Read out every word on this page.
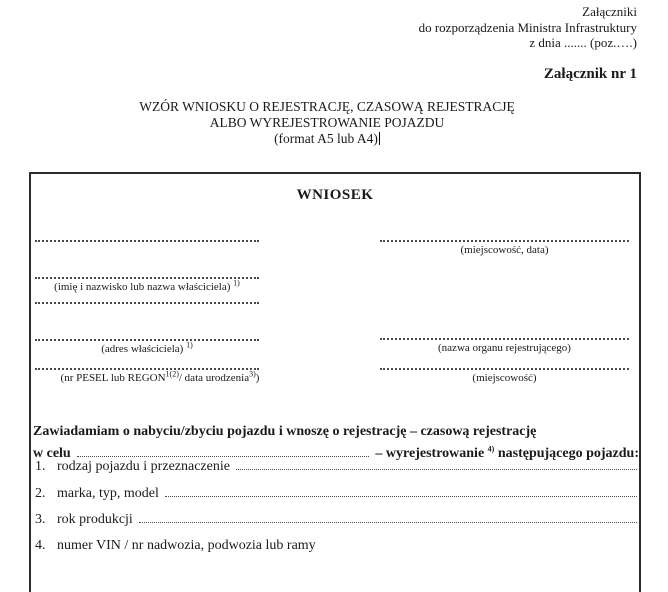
Załączniki
do rozporządzenia Ministra Infrastruktury
z dnia ....... (poz.….)
Załącznik nr 1
WZÓR WNIOSKU O REJESTRACJĘ, CZASOWĄ REJESTRACJĘ
ALBO WYREJESTROWANIE POJAZDU
(format A5 lub A4)
WNIOSEK
(imię i nazwisko lub nazwa właściciela) $^{1)}$
(adres właściciela) $^{1)}$
(nr PESEL lub $REGON^{1(2)}/$ data urodzenia$^{3)}$)
(miejscowość, data)
(nazwa organu rejestrującego)
(miejscowość)
Zawiadamiam o nabyciu/zbyciu pojazdu i wnoszę o rejestrację – czasową rejestrację
w celu	– wyrejestrowanie $^{4)}$ następującego pojazdu:
1. rodzaj pojazdu i przeznaczenie
2. marka, typ, model
3. rok produkcji
4. numer VIN / nr nadwozia, podwozia lub ramy
